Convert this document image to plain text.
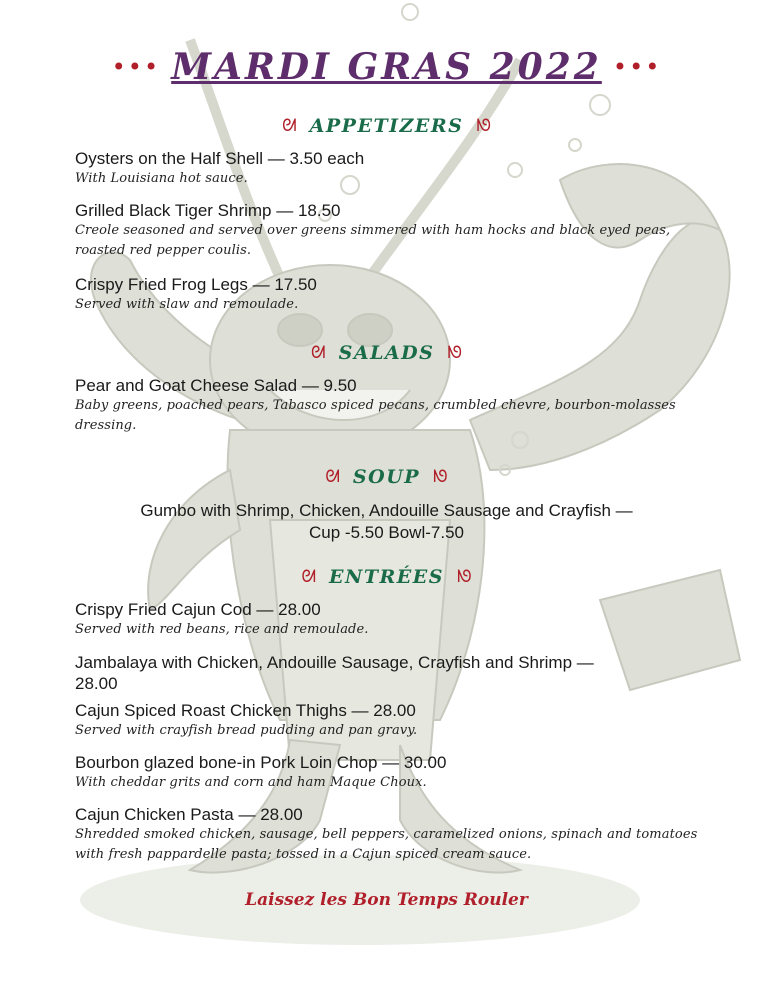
••• MARDI GRAS 2022 •••
ᘛ APPETIZERS ᘚ
Oysters on the Half Shell — 3.50 each
With Louisiana hot sauce.
Grilled Black Tiger Shrimp — 18.50
Creole seasoned and served over greens simmered with ham hocks and black eyed peas, roasted red pepper coulis.
Crispy Fried Frog Legs — 17.50
Served with slaw and remoulade.
ᘛ SALADS ᘚ
Pear and Goat Cheese Salad — 9.50
Baby greens, poached pears, Tabasco spiced pecans, crumbled chevre, bourbon-molasses dressing.
ᘛ SOUP ᘚ
Gumbo with Shrimp, Chicken, Andouille Sausage and Crayfish —
Cup -5.50 Bowl-7.50
ᘛ ENTRÉES ᘚ
Crispy Fried Cajun Cod — 28.00
Served with red beans, rice and remoulade.
Jambalaya with Chicken, Andouille Sausage, Crayfish and Shrimp —
28.00
Cajun Spiced Roast Chicken Thighs — 28.00
Served with crayfish bread pudding and pan gravy.
Bourbon glazed bone-in Pork Loin Chop — 30.00
With cheddar grits and corn and ham Maque Choux.
Cajun Chicken Pasta — 28.00
Shredded smoked chicken, sausage, bell peppers, caramelized onions, spinach and tomatoes with fresh pappardelle pasta; tossed in a Cajun spiced cream sauce.
Laissez les Bon Temps Rouler
